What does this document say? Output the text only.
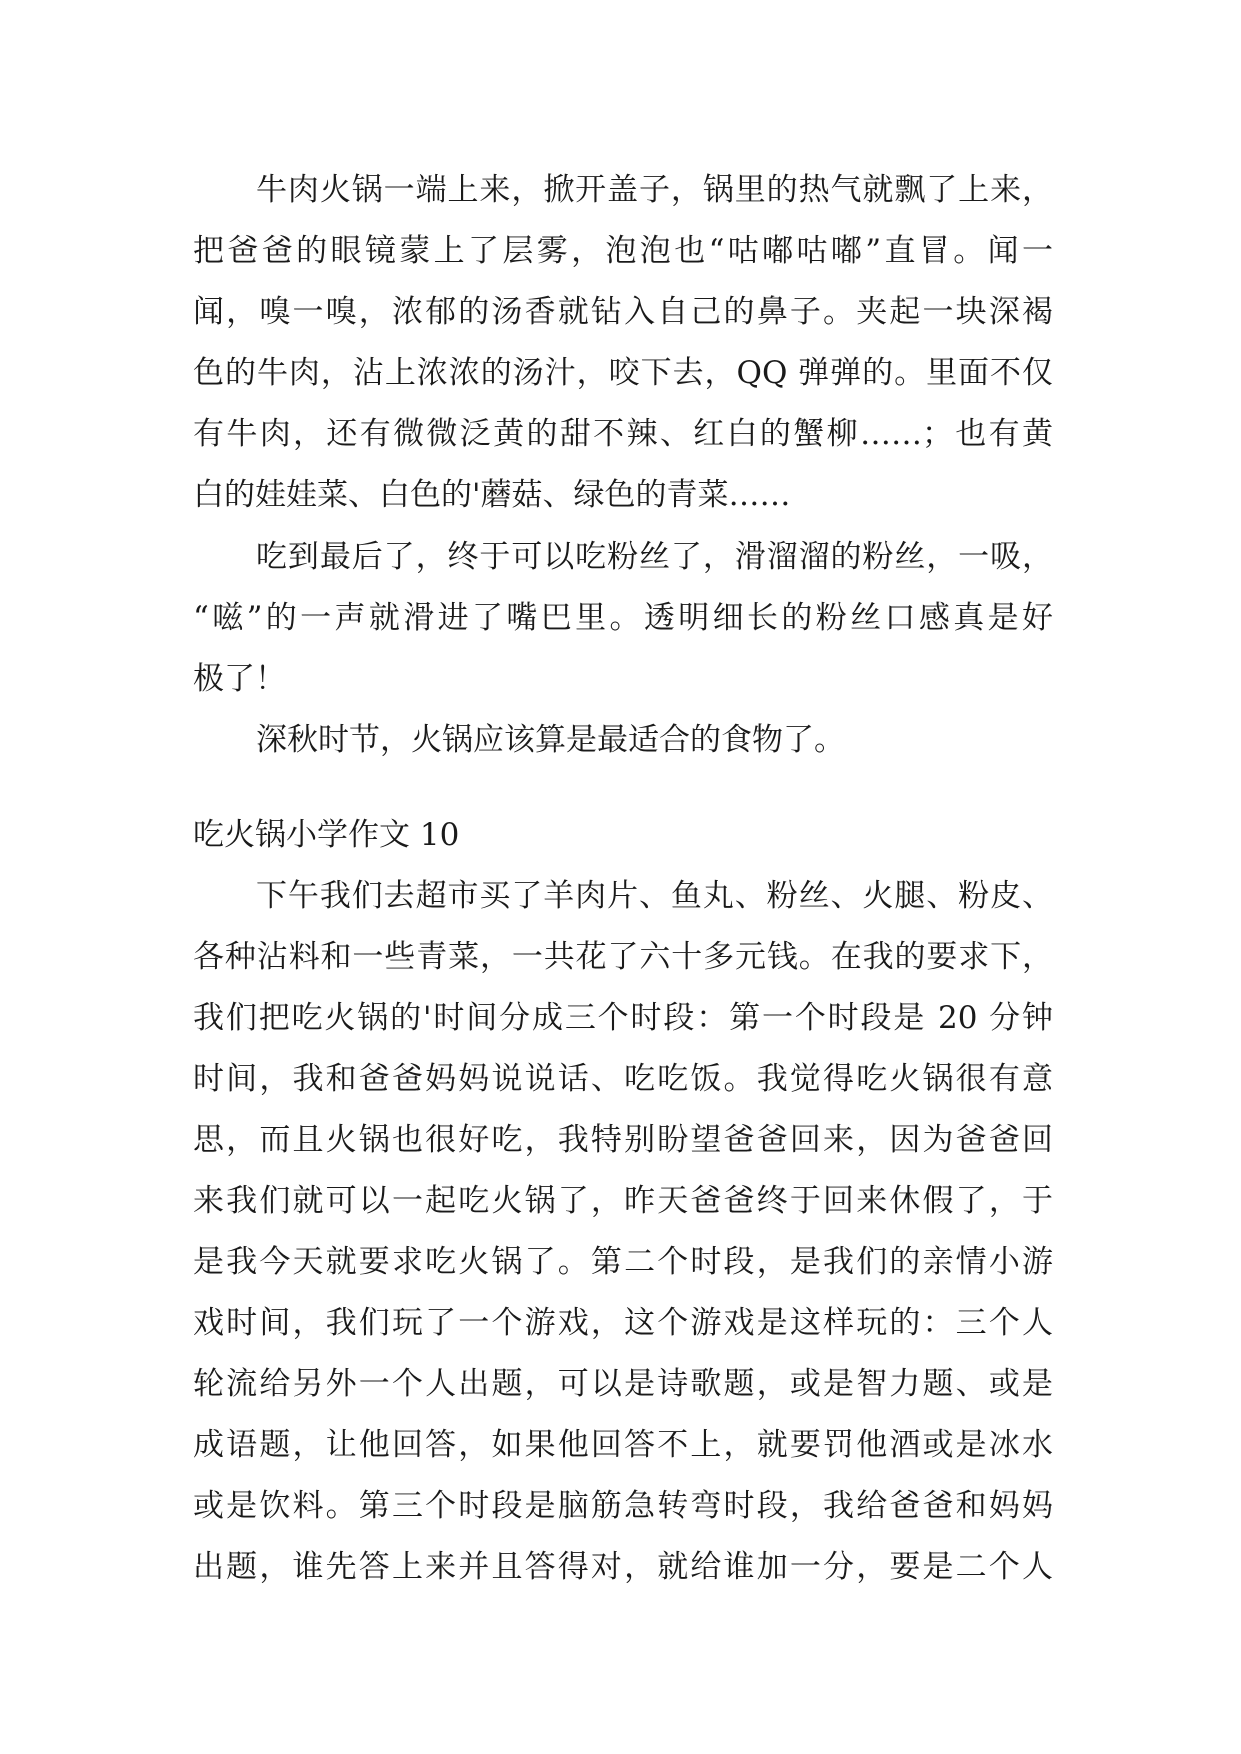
牛肉火锅一端上来，掀开盖子，锅里的热气就飘了上来，
把爸爸的眼镜蒙上了层雾，泡泡也“咕嘟咕嘟”直冒。闻一
闻，嗅一嗅，浓郁的汤香就钻入自己的鼻子。夹起一块深褐
色的牛肉，沾上浓浓的汤汁，咬下去，QQ 弹弹的。里面不仅
有牛肉，还有微微泛黄的甜不辣、红白的蟹柳……；也有黄
白的娃娃菜、白色的'蘑菇、绿色的青菜……
吃到最后了，终于可以吃粉丝了，滑溜溜的粉丝，一吸，
“嗞”的一声就滑进了嘴巴里。透明细长的粉丝口感真是好
极了！
深秋时节，火锅应该算是最适合的食物了。
吃火锅小学作文 10
下午我们去超市买了羊肉片、鱼丸、粉丝、火腿、粉皮、
各种沾料和一些青菜，一共花了六十多元钱。在我的要求下，
我们把吃火锅的'时间分成三个时段：第一个时段是 20 分钟
时间，我和爸爸妈妈说说话、吃吃饭。我觉得吃火锅很有意
思，而且火锅也很好吃，我特别盼望爸爸回来，因为爸爸回
来我们就可以一起吃火锅了，昨天爸爸终于回来休假了，于
是我今天就要求吃火锅了。第二个时段，是我们的亲情小游
戏时间，我们玩了一个游戏，这个游戏是这样玩的：三个人
轮流给另外一个人出题，可以是诗歌题，或是智力题、或是
成语题，让他回答，如果他回答不上，就要罚他酒或是冰水
或是饮料。第三个时段是脑筋急转弯时段，我给爸爸和妈妈
出题，谁先答上来并且答得对，就给谁加一分，要是二个人
